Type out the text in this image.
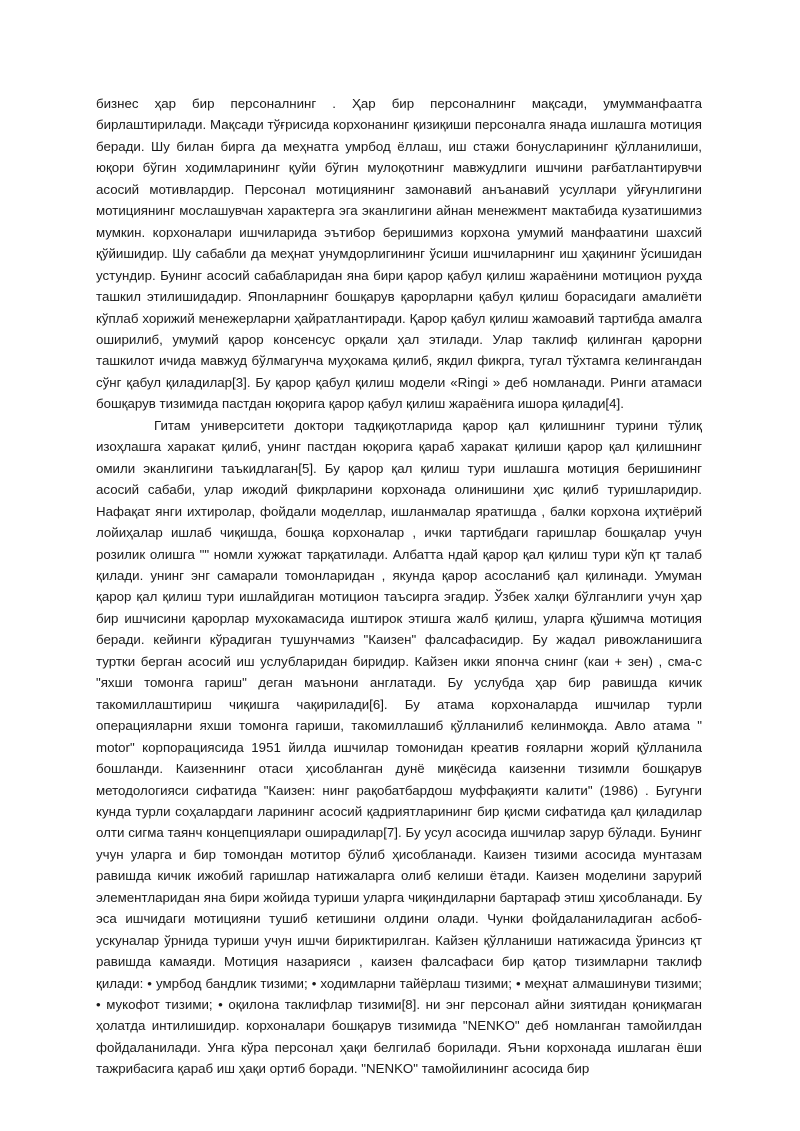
бизнес ҳар бир персоналнинг . Ҳар бир персоналнинг мақсади, умумманфаатга бирлаштирилади. Мақсади тўғрисида корхонанинг қизиқиши персоналга янада ишлашга мотиция беради. Шу билан бирга да меҳнатга умрбод ёллаш, иш стажи бонусларининг қўлланилиши, юқори бўгин ходимларининг қуйи бўгин мулоқотнинг мавжудлиги ишчини рағбатлантирувчи асосий мотивлардир. Персонал мотициянинг замонавий анъанавий усуллари уйғунлигини мотициянинг мослашувчан характерга эга эканлигини айнан менежмент мактабида кузатишимиз мумкин. корхоналари ишчиларида эътибор беришимиз корхона умумий манфаатини шахсий қўйишидир. Шу сабабли да меҳнат унумдорлигининг ўсиши ишчиларнинг иш ҳақининг ўсишидан устундир. Бунинг асосий сабабларидан яна бири қарор қабул қилиш жараёнини мотицион руҳда ташкил этилишидадир. Японларнинг бошқарув қарорларни қабул қилиш борасидаги амалиёти кўплаб хорижий менежерларни ҳайратлантиради. Қарор қабул қилиш жамоавий тартибда амалга оширилиб, умумий қарор консенсус орқали ҳал этилади. Улар таклиф қилинган қарорни ташкилот ичида мавжуд бўлмагунча муҳокама қилиб, якдил фикрга, тугал тўхтамга келингандан сўнг қабул қиладилар[3]. Бу қарор қабул қилиш модели «Ringi » деб номланади. Ринги атамаси бошқарув тизимида пастдан юқорига қарор қабул қилиш жараёнига ишора қилади[4].

Гитам университети доктори тадқиқотларида қарор қал қилишнинг турини тўлиқ изоҳлашга харакат қилиб, унинг пастдан юқорига қараб харакат қилиши қарор қал қилишнинг омили эканлигини таъкидлаган[5]. Бу қарор қал қилиш тури ишлашга мотиция беришининг асосий сабаби, улар ижодий фикрларини корхонада олинишини ҳис қилиб туришларидир. Нафақат янги ихтиролар, фойдали моделлар, ишланмалар яратишда , балки корхона иҳтиёрий лойиҳалар ишлаб чиқишда, бошқа корхоналар , ички тартибдаги гаришлар бошқалар учун розилик олишга "" номли хужжат тарқатилади. Албатта ндай қарор қал қилиш тури кўп қт талаб қилади. унинг энг самарали томонларидан , якунда қарор асосланиб қал қилинади. Умуман қарор қал қилиш тури ишлайдиган мотицион таъсирга эгадир. Ўзбек халқи бўлганлиги учун ҳар бир ишчисини қарорлар мухокамасида иштирок этишга жалб қилиш, уларга қўшимча мотиция беради. кейинги кўрадиган тушунчамиз "Каизен" фалсафасидир. Бу жадал ривожланишига туртки берган асосий иш услубларидан биридир. Кайзен икки японча снинг (каи + зен) , сма-с "яхши томонга гариш" деган маънони англатади. Бу услубда ҳар бир равишда кичик такомиллаштириш чиқишга чақирилади[6]. Бу атама корхоналарда ишчилар турли операцияларни яхши томонга гариши, такомиллашиб қўлланилиб келинмоқда. Авло атама " motor" корпорациясида 1951 йилда ишчилар томонидан креатив ғояларни жорий қўлланила бошланди. Каизеннинг отаси ҳисобланган дунё миқёсида каизенни тизимли бошқарув методологияси сифатида "Каизен: нинг рақобатбардош муффақияти калити" (1986) . Бугунги кунда турли соҳалардаги ларининг асосий қадриятларининг бир қисми сифатида қал қиладилар олти сигма таянч концепциялари оширадилар[7]. Бу усул асосида ишчилар зарур бўлади. Бунинг учун уларга и бир томондан мотитор бўлиб ҳисобланади. Каизен тизими асосида мунтазам равишда кичик ижобий гаришлар натижаларга олиб келиши ётади. Каизен моделини зарурий элементларидан яна бири жойида туриши уларга чиқиндиларни бартараф этиш ҳисобланади. Бу эса ишчидаги мотицияни тушиб кетишини олдини олади. Чунки фойдаланиладиган асбоб-ускуналар ўрнида туриши учун ишчи бириктирилган. Кайзен қўлланиши натижасида ўринсиз қт равишда камаяди. Мотиция назарияси , каизен фалсафаси бир қатор тизимларни таклиф қилади: • умрбод бандлик тизими; • ходимларни тайёрлаш тизими; • меҳнат алмашинуви тизими; • мукофот тизими; • оқилона таклифлар тизими[8]. ни энг персонал айни зиятидан қониқмаган ҳолатда интилишидир. корхоналари бошқарув тизимида "NENKO" деб номланган тамойилдан фойдаланилади. Унга кўра персонал ҳақи белгилаб борилади. Яъни корхонада ишлаган ёши тажрибасига қараб иш ҳақи ортиб боради. "NENKO" тамойилининг асосида бир
